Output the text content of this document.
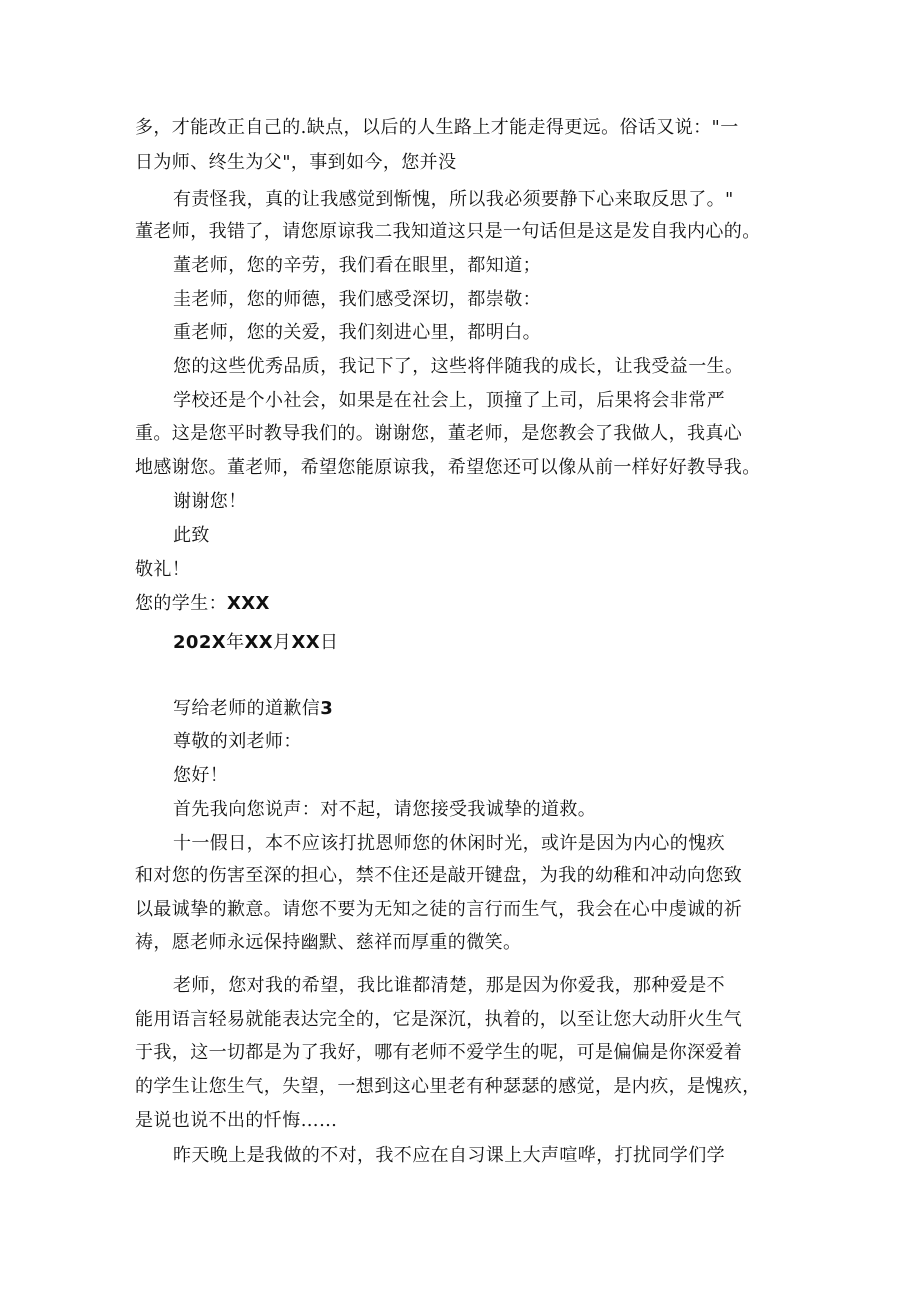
多，才能改正自己的.缺点，以后的人生路上才能走得更远。俗话又说："一
日为师、终生为父"，事到如今，您并没
有责怪我，真的让我感觉到惭愧，所以我必须要静下心来取反思了。"
董老师，我错了，请您原谅我二我知道这只是一句话但是这是发自我内心的。
董老师，您的辛劳，我们看在眼里，都知道；
圭老师，您的师德，我们感受深切，都崇敬：
重老师，您的关爱，我们刻进心里，都明白。
您的这些优秀品质，我记下了，这些将伴随我的成长，让我受益一生。
学校还是个小社会，如果是在社会上，顶撞了上司，后果将会非常严
重。这是您平时教导我们的。谢谢您，董老师，是您教会了我做人，我真心
地感谢您。董老师，希望您能原谅我，希望您还可以像从前一样好好教导我。
谢谢您！
此致
敬礼！
您的学生：XXX
202X年XX月XX日
写给老师的道歉信3
尊敬的刘老师：
您好！
首先我向您说声：对不起，请您接受我诚挚的道救。
十一假日，本不应该打扰恩师您的休闲时光，或许是因为内心的愧疚
和对您的伤害至深的担心，禁不住还是敲开键盘，为我的幼稚和冲动向您致
以最诚挚的歉意。请您不要为无知之徒的言行而生气，我会在心中虔诚的祈
祷，愿老师永远保持幽默、慈祥而厚重的微笑。
老师，您对我的希望，我比谁都清楚，那是因为你爱我，那种爱是不
能用语言轻易就能表达完全的，它是深沉，执着的，以至让您大动肝火生气
于我，这一切都是为了我好，哪有老师不爱学生的呢，可是偏偏是你深爱着
的学生让您生气，失望，一想到这心里老有种瑟瑟的感觉，是内疚，是愧疚，
是说也说不出的忏悔……
昨天晚上是我做的不对，我不应在自习课上大声喧哗，打扰同学们学
